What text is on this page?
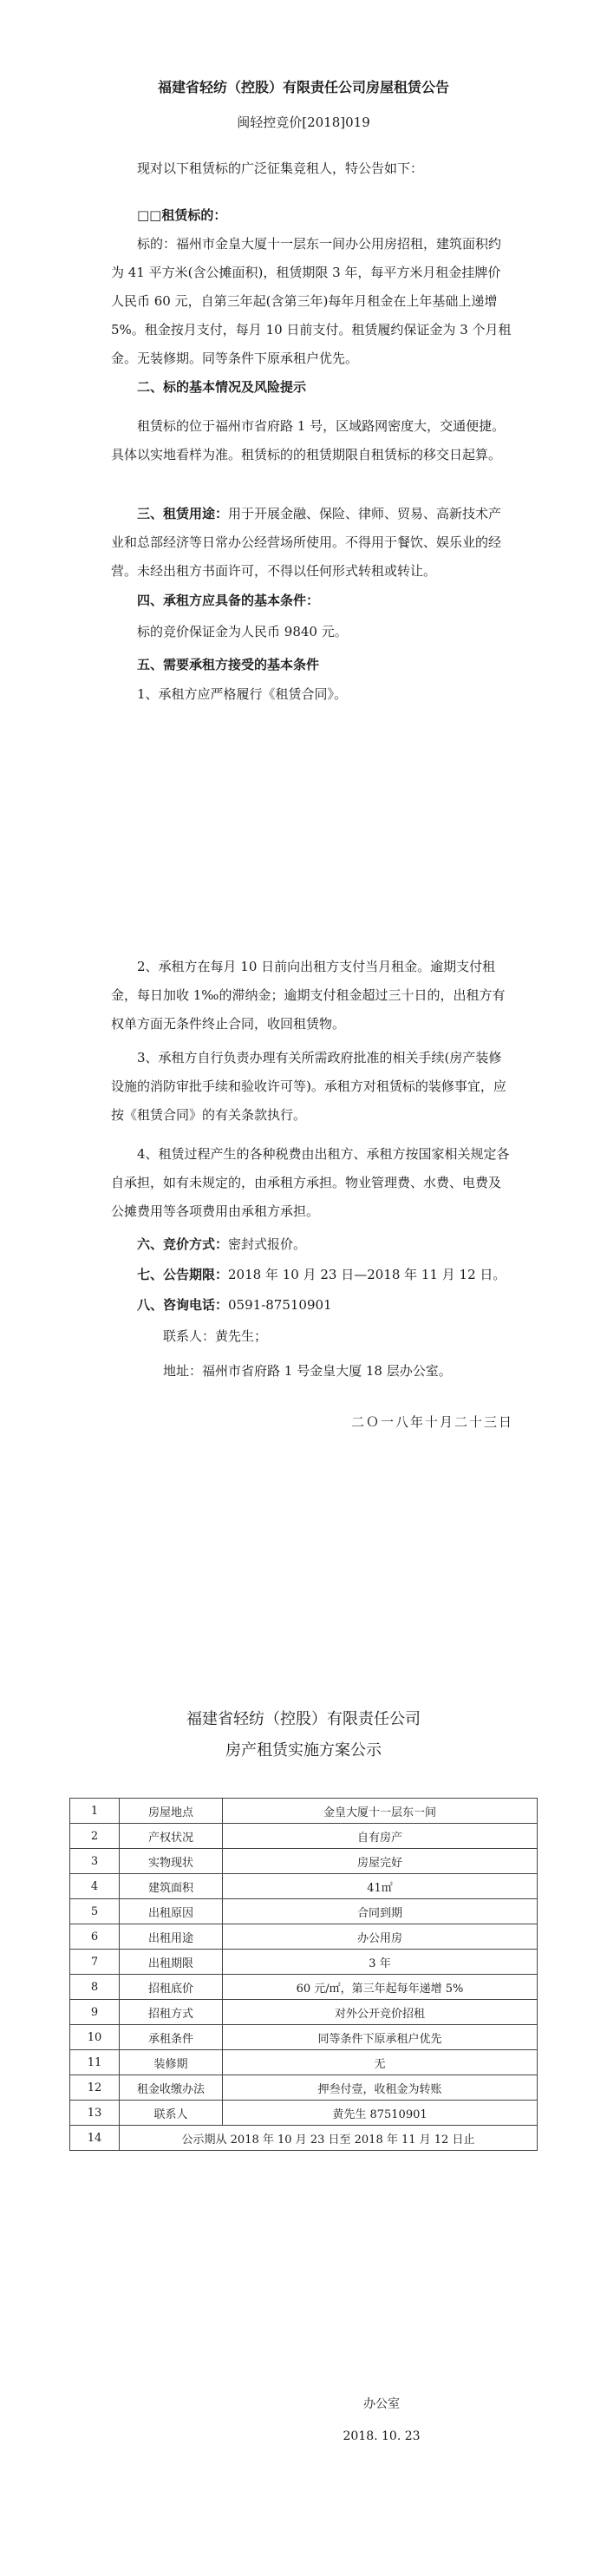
福建省轻纺（控股）有限责任公司房屋租赁公告
闽轻控竞价[2018]019

现对以下租赁标的广泛征集竞租人，特公告如下：

□□租赁标的：

标的：福州市金皇大厦十一层东一间办公用房招租，建筑面积约为 41 平方米(含公摊面积)，租赁期限 3 年，每平方米月租金挂牌价人民币 60 元，自第三年起(含第三年)每年月租金在上年基础上递增 5%。租金按月支付，每月 10 日前支付。租赁履约保证金为 3 个月租金。无装修期。同等条件下原承租户优先。

二、标的基本情况及风险提示

租赁标的位于福州市省府路 1 号，区域路网密度大，交通便捷。具体以实地看样为准。租赁标的的租赁期限自租赁标的移交日起算。

三、租赁用途：用于开展金融、保险、律师、贸易、高新技术产业和总部经济等日常办公经营场所使用。不得用于餐饮、娱乐业的经营。未经出租方书面许可，不得以任何形式转租或转让。

四、承租方应具备的基本条件：

标的竞价保证金为人民币 9840 元。

五、需要承租方接受的基本条件

1、承租方应严格履行《租赁合同》。

2、承租方在每月 10 日前向出租方支付当月租金。逾期支付租金，每日加收 1‰的滞纳金；逾期支付租金超过三十日的，出租方有权单方面无条件终止合同，收回租赁物。

3、承租方自行负责办理有关所需政府批准的相关手续(房产装修设施的消防审批手续和验收许可等)。承租方对租赁标的装修事宜，应按《租赁合同》的有关条款执行。

4、租赁过程产生的各种税费由出租方、承租方按国家相关规定各自承担，如有未规定的，由承租方承担。物业管理费、水费、电费及公摊费用等各项费用由承租方承担。

六、竞价方式：密封式报价。

七、公告期限：2018 年 10 月 23 日—2018 年 11 月 12 日。

八、咨询电话：0591-87510901

联系人：黄先生；

地址：福州市省府路 1 号金皇大厦 18 层办公室。

二Ｏ一八年十月二十三日
福建省轻纺（控股）有限责任公司
房产租赁实施方案公示
1	房屋地点	金皇大厦十一层东一间
2	产权状况	自有房产
3	实物现状	房屋完好
4	建筑面积	41㎡
5	出租原因	合同到期
6	出租用途	办公用房
7	出租期限	3 年
8	招租底价	60 元/㎡，第三年起每年递增 5%
9	招租方式	对外公开竞价招租
10	承租条件	同等条件下原承租户优先
11	装修期	无
12	租金收缴办法	押叁付壹，收租金为转账
13	联系人	黄先生 87510901
14	公示期从 2018 年 10 月 23 日至 2018 年 11 月 12 日止	
办公室
2018. 10. 23
